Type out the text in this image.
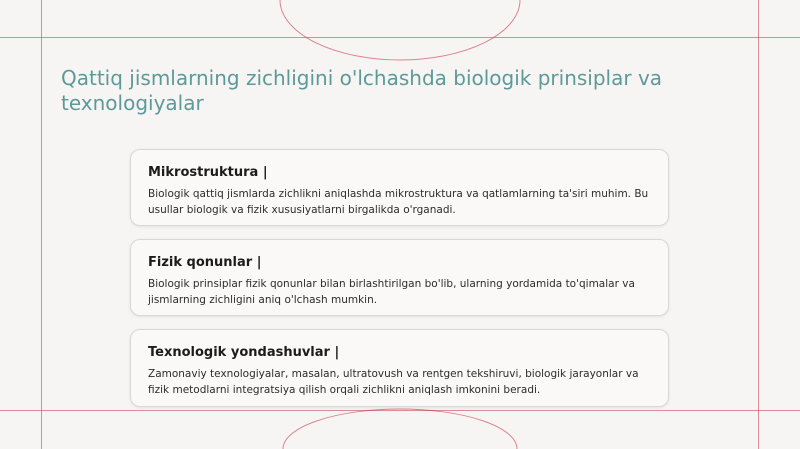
Qattiq jismlarning zichligini o'lchashda biologik prinsiplar va texnologiyalar
Mikrostruktura |

Biologik qattiq jismlarda zichlikni aniqlashda mikrostruktura va qatlamlarning ta'siri muhim. Bu usullar biologik va fizik xususiyatlarni birgalikda o'rganadi.

Fizik qonunlar |

Biologik prinsiplar fizik qonunlar bilan birlashtirilgan bo'lib, ularning yordamida to'qimalar va jismlarning zichligini aniq o'lchash mumkin.

Texnologik yondashuvlar |

Zamonaviy texnologiyalar, masalan, ultratovush va rentgen tekshiruvi, biologik jarayonlar va fizik metodlarni integratsiya qilish orqali zichlikni aniqlash imkonini beradi.
